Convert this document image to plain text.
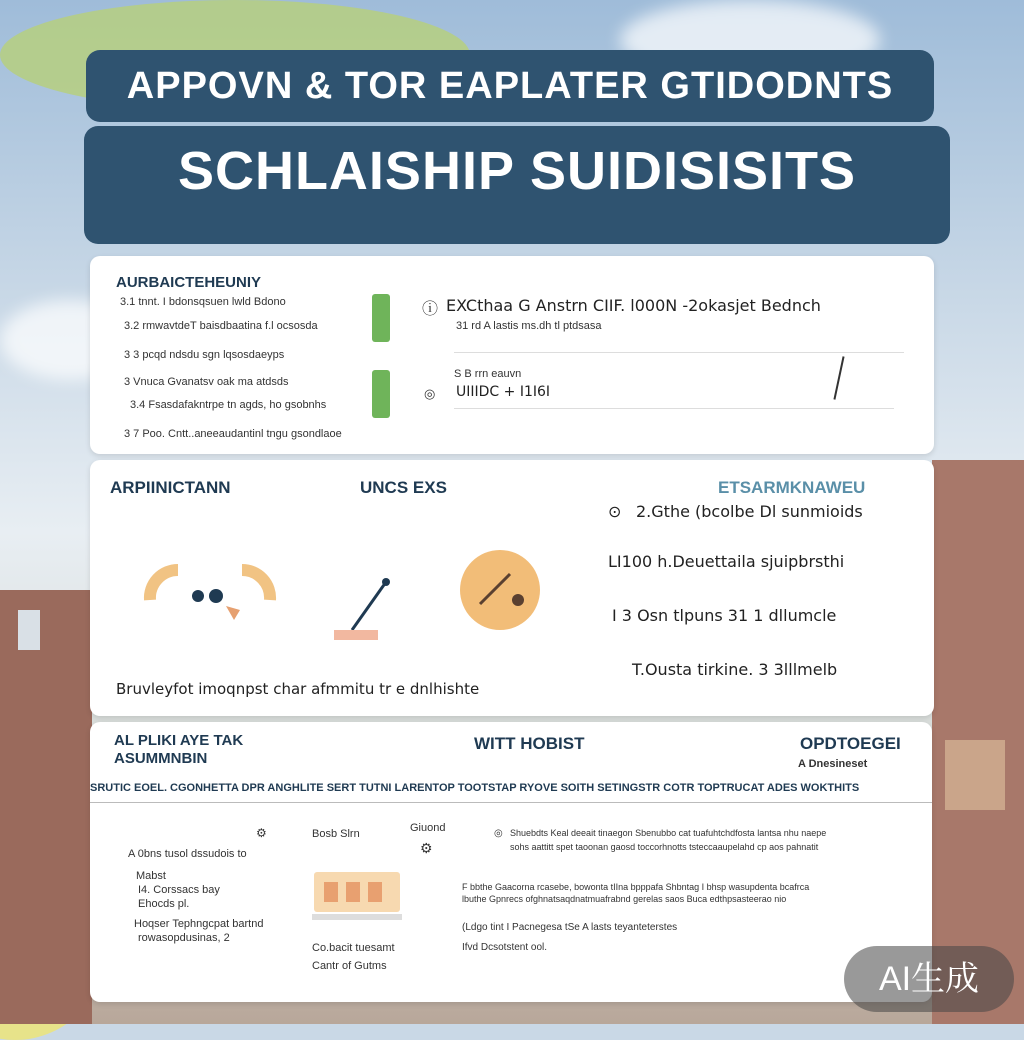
APPOVN & TOR EAPLATER GTIDODNTS
SCHLAISHIP SUIDISISITS
AURBAICTEHEUNIY
3.1 tnnt. I bdonsqsuen lwld Bdono
3.2 rmwavtdeT baisdbaatina f.l ocsosda
3 3 pcqd ndsdu sgn lqsosdaeyps
3 Vnuca Gvanatsv oak ma atdsds
3.4 Fsasdafakntrpe tn agds, ho gsobnhs
3 7 Poo. Cntt..aneeaudantinl tngu gsondlaoe
ⓘ EXCthaa G Anstrn CIIF. l000N -2okasjet Bednch
31 rd A lastis ms.dh tl ptdsasa
S B rrn eauvn
◎ UIIIDC + I1I6I
ARPIINICTANN	UNCS EXS	ETSARMKNAWEU
⊙ 2.Gthe (bcolbe Dl sunmioids
LI100 h.Deuettaila sjuipbrsthi
I 3 Osn tlpuns 31 1 dllumcle
T.Ousta tirkine. 3 3lllmelb
Bruvleyfot imoqnpst char afmmitu tr e dnlhishte
AL PLIKI AYE TAK
ASUMMNBIN
WITT HOBIST	OPDTOEGEI
A Dnesineset
SRUTIC EOEL. CGONHETTA DPR ANGHLITE SERT TUTNI LARENTOP TOOTSTAP RYOVE SOITH SETINGSTR COTR TOPTRUCAT ADES WOKTHITS
A 0bns tusol dssudois to
Mabst
I4. Corssacs bay
Ehocds pl.
Hoqser Tephngcpat bartnd
rowasopdusinas, 2
⚙	Bosb Slrn	Giuond
⚙
Co.bacit tuesamt
Cantr of Gutms
◎ Shuebdts Keal deeait tinaegon Sbenubbo cat tuafuhtchdfosta lantsa nhu naepe
sohs aattitt spet taoonan gaosd toccorhnotts tsteccaaupelahd cp aos pahnatit
F bbthe Gaacorna rcasebe, bowonta tIIna bpppafa Shbntag I bhsp wasupdenta bcafrca
lbuthe Gpnrecs ofghnatsaqdnatmuafrabnd gerelas saos Buca edthpsasteerao nio
(Ldgo tint I Pacnegesa tSe A lasts teyanteterstes
Ifvd Dcsotstent ool.
AI生成
